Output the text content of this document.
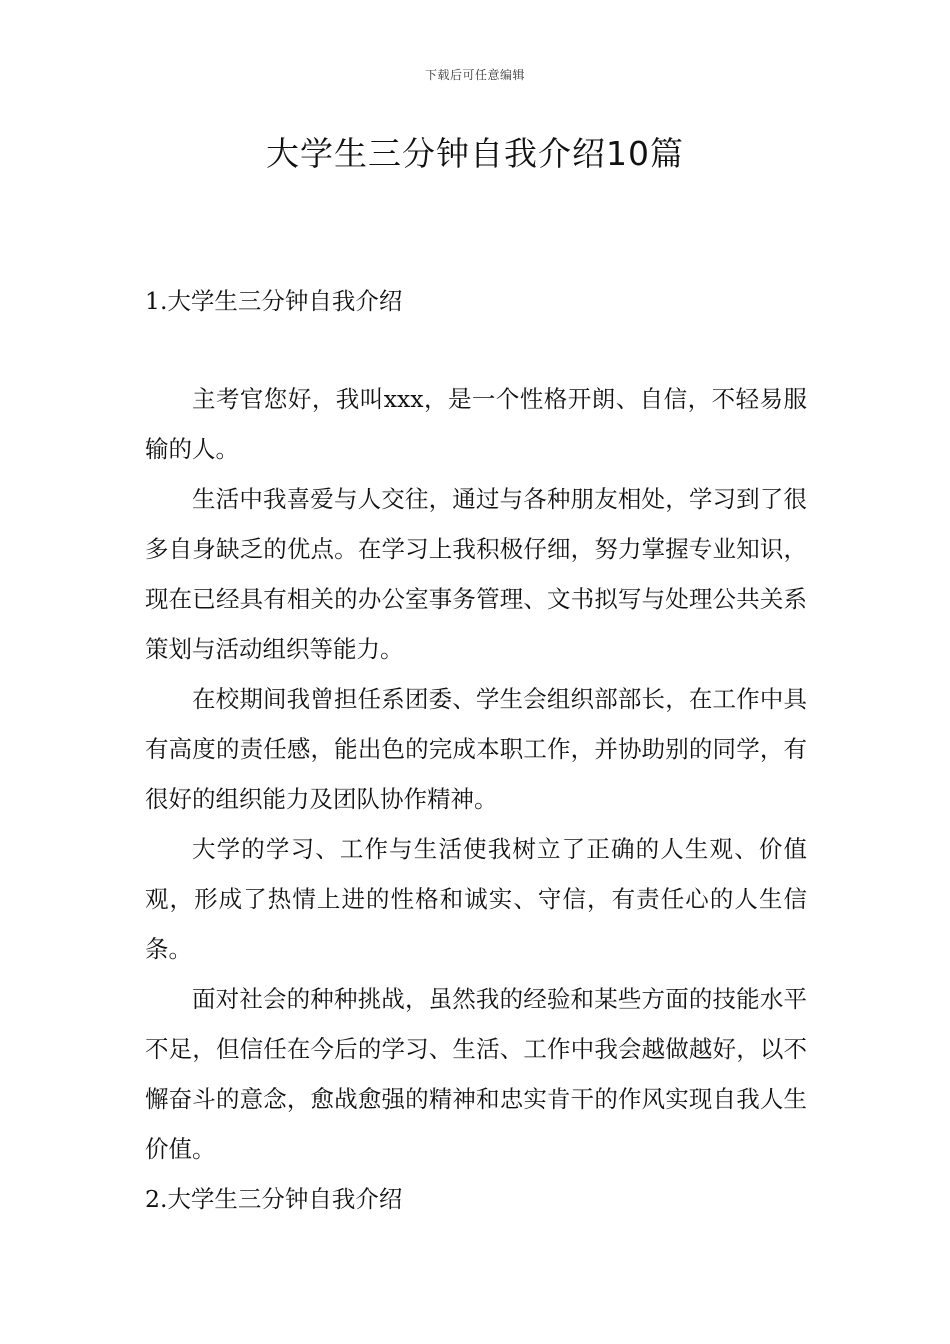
下载后可任意编辑
大学生三分钟自我介绍10篇
1.大学生三分钟自我介绍

主考官您好，我叫xxx，是一个性格开朗、自信，不轻易服输的人。

生活中我喜爱与人交往，通过与各种朋友相处，学习到了很多自身缺乏的优点。在学习上我积极仔细，努力掌握专业知识，现在已经具有相关的办公室事务管理、文书拟写与处理公共关系策划与活动组织等能力。

在校期间我曾担任系团委、学生会组织部部长，在工作中具有高度的责任感，能出色的完成本职工作，并协助别的同学，有很好的组织能力及团队协作精神。

大学的学习、工作与生活使我树立了正确的人生观、价值观，形成了热情上进的性格和诚实、守信，有责任心的人生信条。

面对社会的种种挑战，虽然我的经验和某些方面的技能水平不足，但信任在今后的学习、生活、工作中我会越做越好，以不懈奋斗的意念，愈战愈强的精神和忠实肯干的作风实现自我人生价值。

2.大学生三分钟自我介绍
